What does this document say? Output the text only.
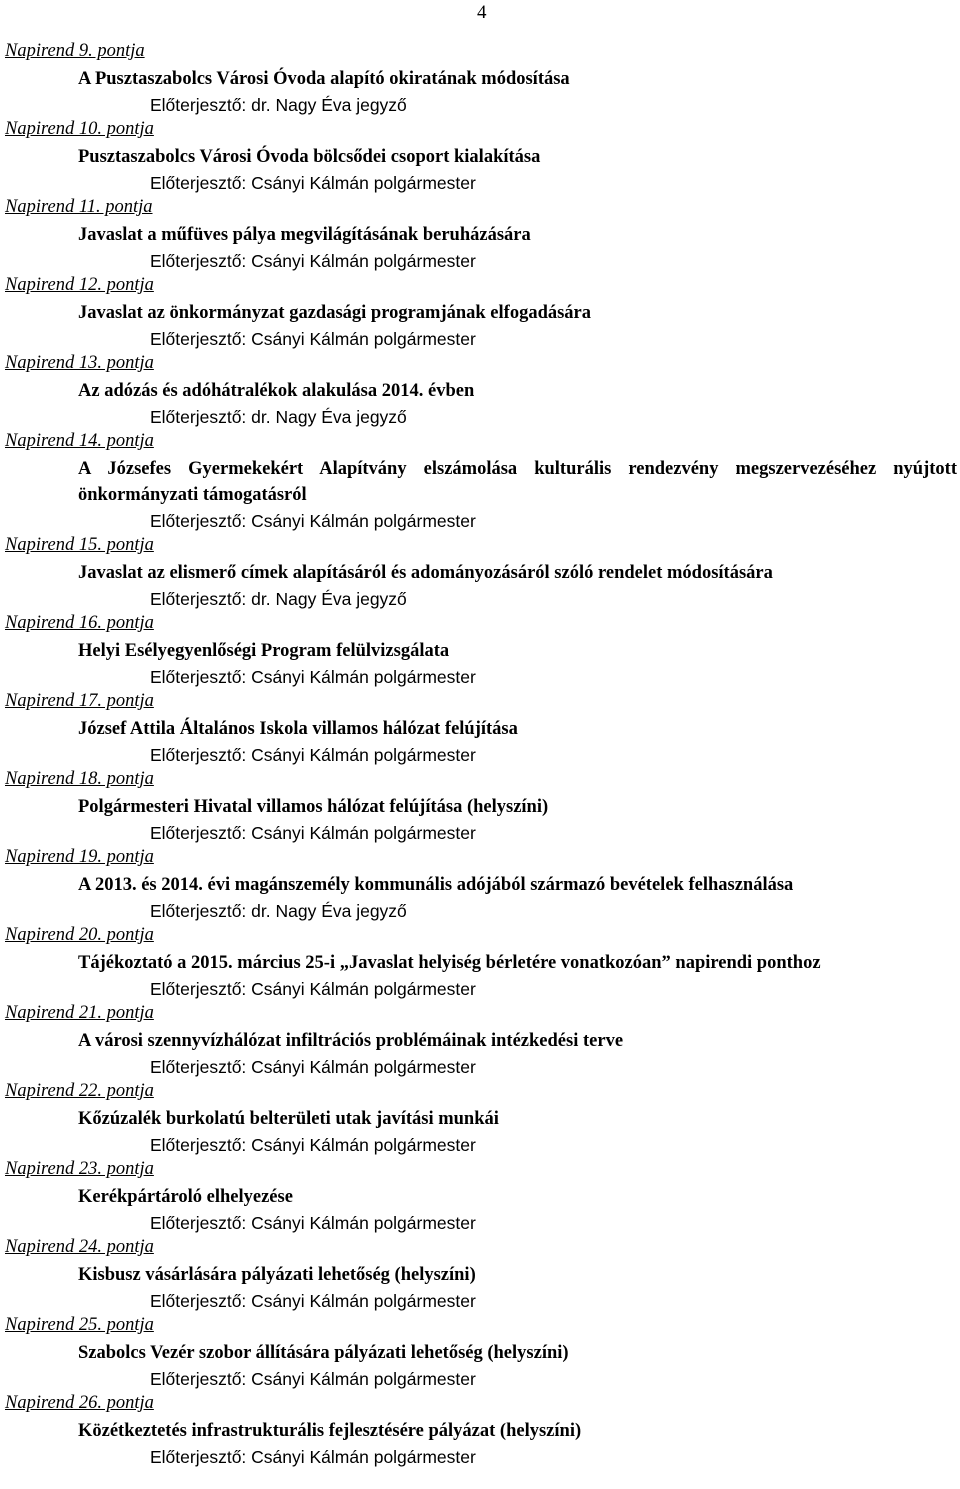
4
Napirend 9. pontja
A Pusztaszabolcs Városi Óvoda alapító okiratának módosítása
Előterjesztő: dr. Nagy Éva jegyző
Napirend 10. pontja
Pusztaszabolcs Városi Óvoda bölcsődei csoport kialakítása
Előterjesztő: Csányi Kálmán polgármester
Napirend 11. pontja
Javaslat a műfüves pálya megvilágításának beruházására
Előterjesztő: Csányi Kálmán polgármester
Napirend 12. pontja
Javaslat az önkormányzat gazdasági programjának elfogadására
Előterjesztő: Csányi Kálmán polgármester
Napirend 13. pontja
Az adózás és adóhátralékok alakulása 2014. évben
Előterjesztő: dr. Nagy Éva jegyző
Napirend 14. pontja
A Józsefes Gyermekekért Alapítvány elszámolása kulturális rendezvény megszervezéséhez nyújtott önkormányzati támogatásról
Előterjesztő: Csányi Kálmán polgármester
Napirend 15. pontja
Javaslat az elismerő címek alapításáról és adományozásáról szóló rendelet módosítására
Előterjesztő: dr. Nagy Éva jegyző
Napirend 16. pontja
Helyi Esélyegyenlőségi Program felülvizsgálata
Előterjesztő: Csányi Kálmán polgármester
Napirend 17. pontja
József Attila Általános Iskola villamos hálózat felújítása
Előterjesztő: Csányi Kálmán polgármester
Napirend 18. pontja
Polgármesteri Hivatal villamos hálózat felújítása (helyszíni)
Előterjesztő: Csányi Kálmán polgármester
Napirend 19. pontja
A 2013. és 2014. évi magánszemély kommunális adójából származó bevételek felhasználása
Előterjesztő: dr. Nagy Éva jegyző
Napirend 20. pontja
Tájékoztató a 2015. március 25-i „Javaslat helyiség bérletére vonatkozóan” napirendi ponthoz
Előterjesztő: Csányi Kálmán polgármester
Napirend 21. pontja
A városi szennyvízhálózat infiltrációs problémáinak intézkedési terve
Előterjesztő: Csányi Kálmán polgármester
Napirend 22. pontja
Kőzúzalék burkolatú belterületi utak javítási munkái
Előterjesztő: Csányi Kálmán polgármester
Napirend 23. pontja
Kerékpártároló elhelyezése
Előterjesztő: Csányi Kálmán polgármester
Napirend 24. pontja
Kisbusz vásárlására pályázati lehetőség (helyszíni)
Előterjesztő: Csányi Kálmán polgármester
Napirend 25. pontja
Szabolcs Vezér szobor állítására pályázati lehetőség (helyszíni)
Előterjesztő: Csányi Kálmán polgármester
Napirend 26. pontja
Közétkeztetés infrastrukturális fejlesztésére pályázat (helyszíni)
Előterjesztő: Csányi Kálmán polgármester
